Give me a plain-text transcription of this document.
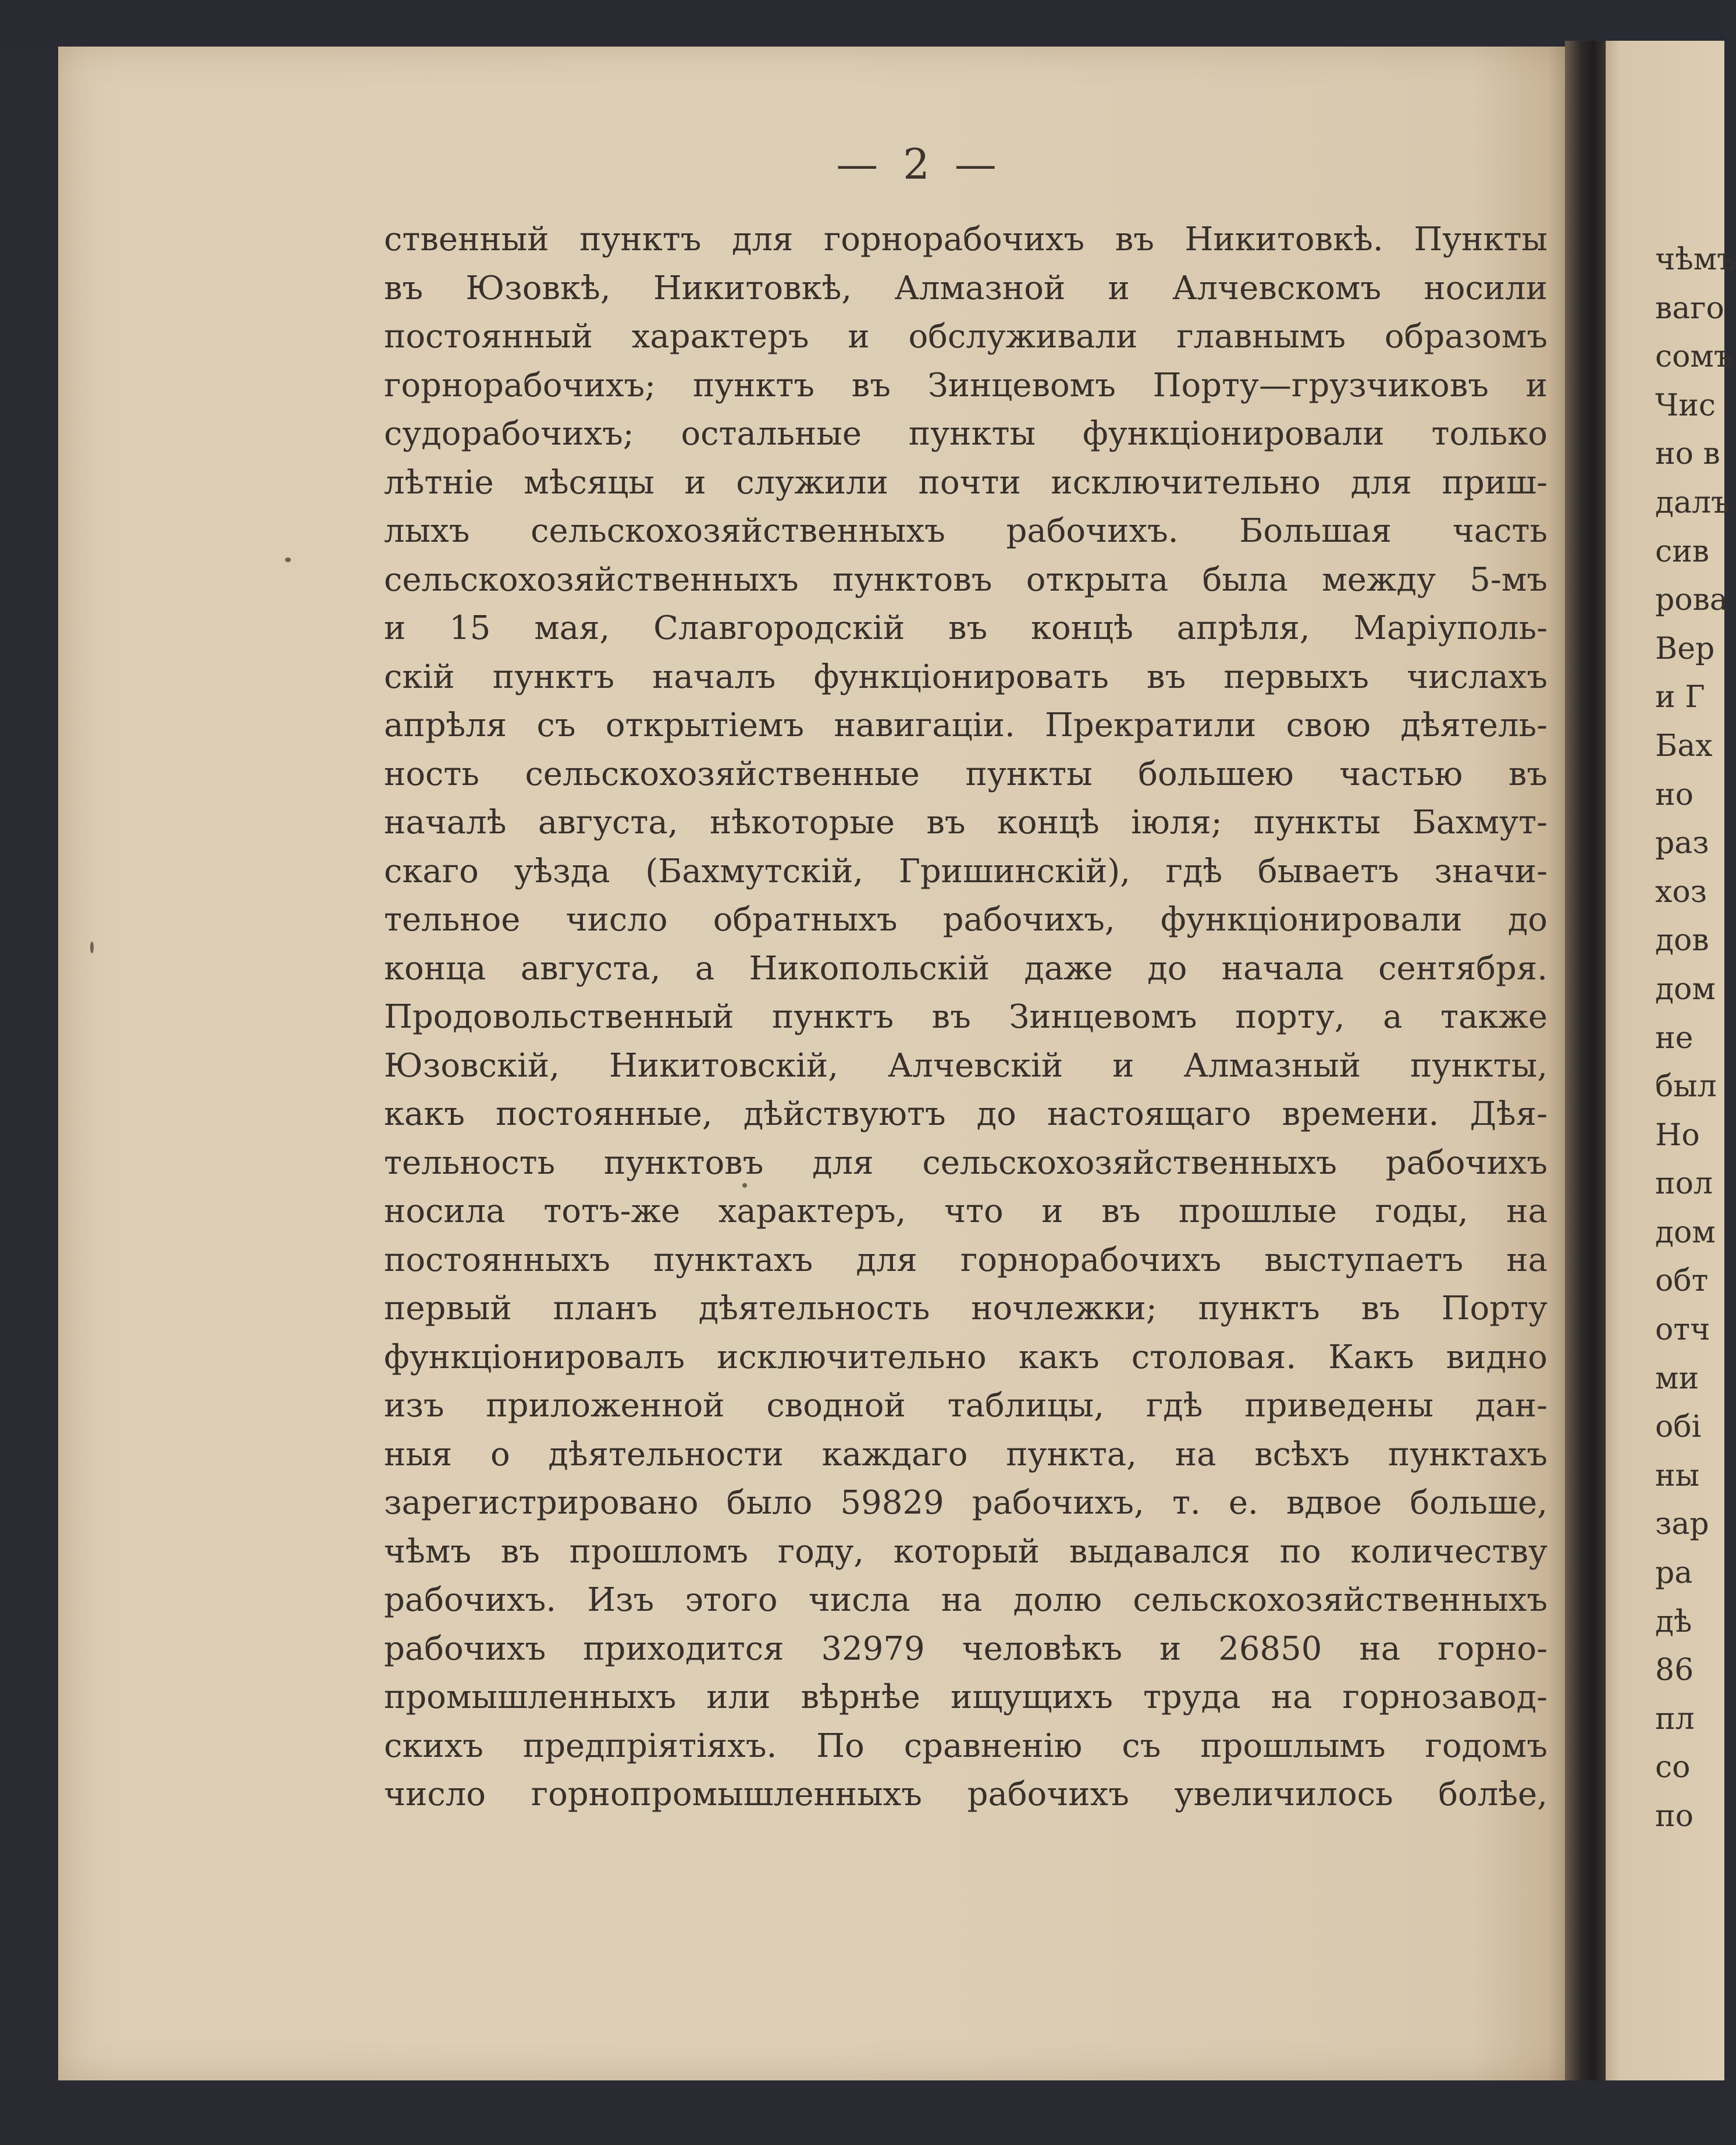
— 2 —
ственный пунктъ для горнорабочихъ въ Никитовкѣ. Пункты
въ Юзовкѣ, Никитовкѣ, Алмазной и Алчевскомъ носили
постоянный характеръ и обслуживали главнымъ образомъ
горнорабочихъ; пунктъ въ Зинцевомъ Порту—грузчиковъ и
судорабочихъ; остальные пункты функціонировали только
лѣтніе мѣсяцы и служили почти исключительно для приш-
лыхъ сельскохозяйственныхъ рабочихъ. Большая часть
сельскохозяйственныхъ пунктовъ открыта была между 5-мъ
и 15 мая, Славгородскій въ концѣ апрѣля, Маріуполь-
скій пунктъ началъ функціонировать въ первыхъ числахъ
апрѣля съ открытіемъ навигаціи. Прекратили свою дѣятель-
ность сельскохозяйственные пункты большею частью въ
началѣ августа, нѣкоторые въ концѣ іюля; пункты Бахмут-
скаго уѣзда (Бахмутскій, Гришинскій), гдѣ бываетъ значи-
тельное число обратныхъ рабочихъ, функціонировали до
конца августа, а Никопольскій даже до начала сентября.
Продовольственный пунктъ въ Зинцевомъ порту, а также
Юзовскій, Никитовскій, Алчевскій и Алмазный пункты,
какъ постоянные, дѣйствуютъ до настоящаго времени. Дѣя-
тельность пунктовъ для сельскохозяйственныхъ рабочихъ
носила тотъ-же характеръ, что и въ прошлые годы, на
постоянныхъ пунктахъ для горнорабочихъ выступаетъ на
первый планъ дѣятельность ночлежки; пунктъ въ Порту
функціонировалъ исключительно какъ столовая. Какъ видно
изъ приложенной сводной таблицы, гдѣ приведены дан-
ныя о дѣятельности каждаго пункта, на всѣхъ пунктахъ
зарегистрировано было 59829 рабочихъ, т. е. вдвое больше,
чѣмъ въ прошломъ году, который выдавался по количеству
рабочихъ. Изъ этого числа на долю сельскохозяйственныхъ
рабочихъ приходится 32979 человѣкъ и 26850 на горно-
промышленныхъ или вѣрнѣе ищущихъ труда на горнозавод-
скихъ предпріятіяхъ. По сравненію съ прошлымъ годомъ
число горнопромышленныхъ рабочихъ увеличилось болѣе,
чѣмъ
ваго
сомъ
Чис
но в
далъ
сив
рова
Вер
и Г
Бах
но
раз
хоз
дов
дом
не
был
Но
пол
дом
обт
отч
ми
обі
ны
зар
ра
дѣ
86
пл
со
по
